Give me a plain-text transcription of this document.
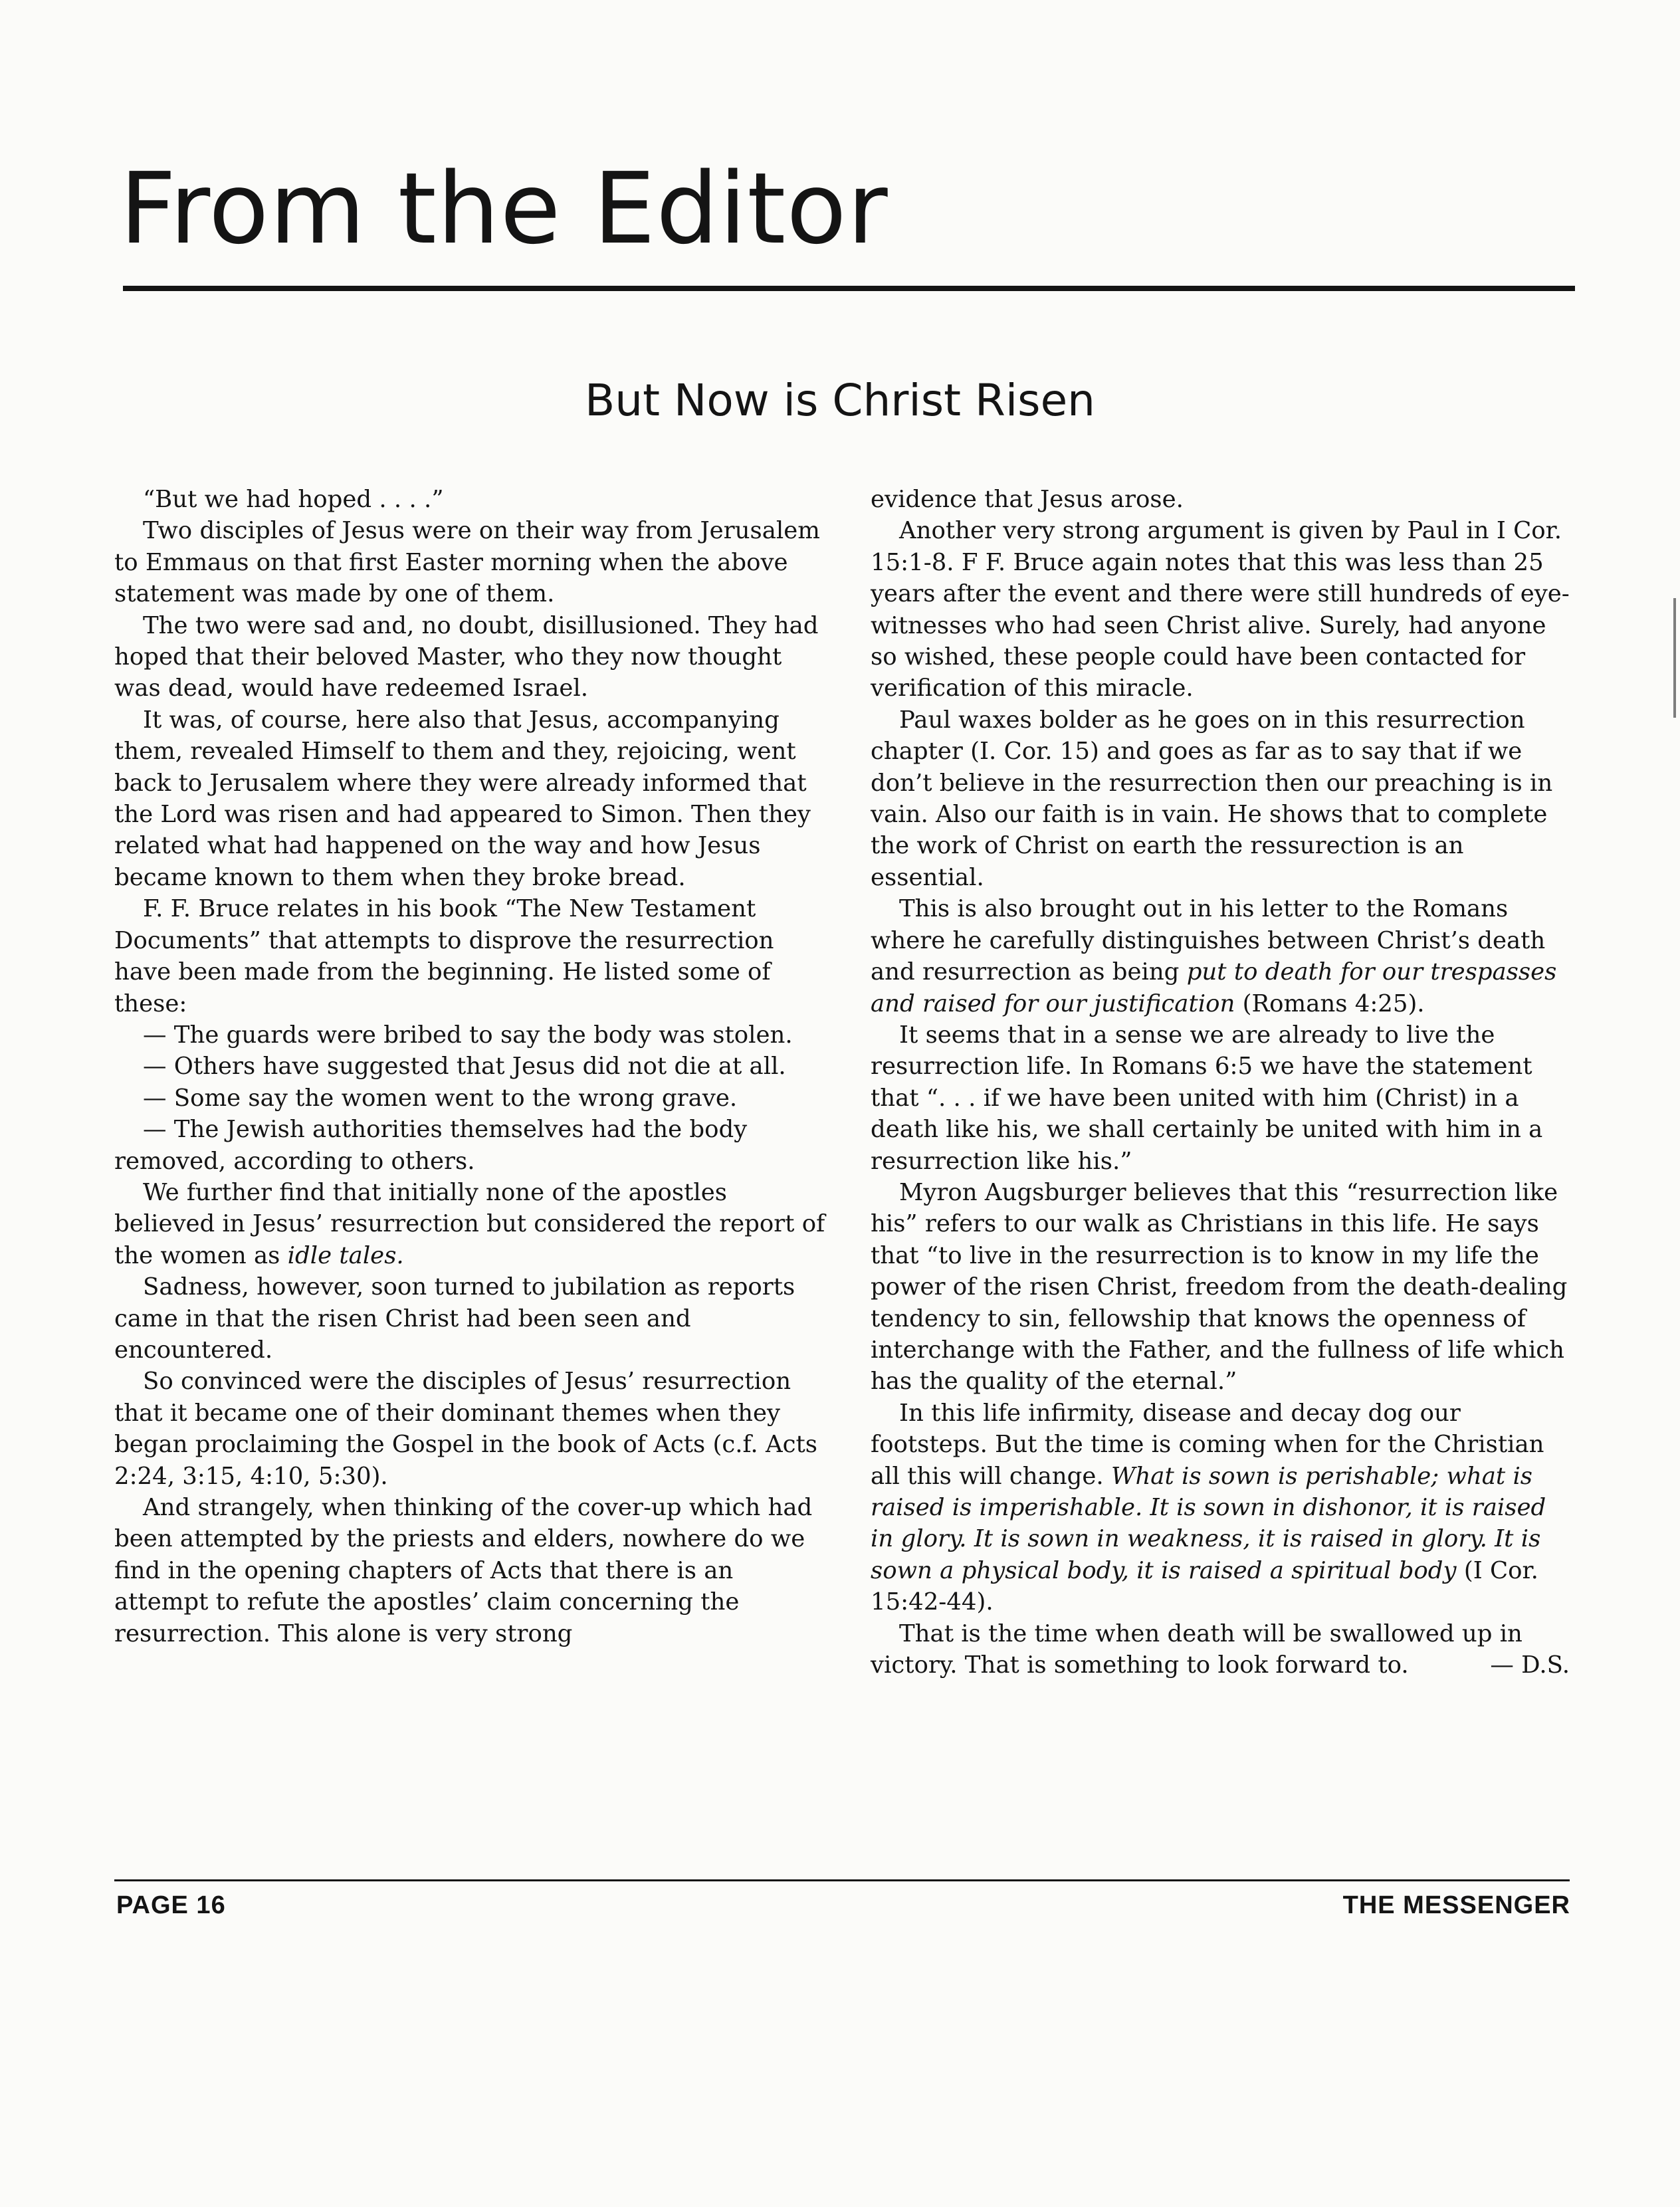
From the Editor
But Now is Christ Risen

“But we had hoped . . . .”

Two disciples of Jesus were on their way from Jerusalem to Emmaus on that first Easter morning when the above statement was made by one of them.

The two were sad and, no doubt, disillusioned. They had hoped that their beloved Master, who they now thought was dead, would have redeemed Israel.

It was, of course, here also that Jesus, accompanying them, revealed Himself to them and they, rejoicing, went back to Jerusalem where they were already informed that the Lord was risen and had appeared to Simon. Then they related what had happened on the way and how Jesus became known to them when they broke bread.

F. F. Bruce relates in his book “The New Testament Documents” that attempts to disprove the resurrection have been made from the beginning. He listed some of these:

— The guards were bribed to say the body was stolen.

— Others have suggested that Jesus did not die at all.

— Some say the women went to the wrong grave.

— The Jewish authorities themselves had the body removed, according to others.

We further find that initially none of the apostles believed in Jesus’ resurrection but considered the report of the women as idle tales.

Sadness, however, soon turned to jubilation as reports came in that the risen Christ had been seen and encountered.

So convinced were the disciples of Jesus’ resurrection that it became one of their dominant themes when they began proclaiming the Gospel in the book of Acts (c.f. Acts 2:24, 3:15, 4:10, 5:30).

And strangely, when thinking of the cover-up which had been attempted by the priests and elders, nowhere do we find in the opening chapters of Acts that there is an attempt to refute the apostles’ claim concerning the resurrection. This alone is very strong

evidence that Jesus arose.

Another very strong argument is given by Paul in I Cor. 15:1-8. F F. Bruce again notes that this was less than 25 years after the event and there were still hundreds of eye-witnesses who had seen Christ alive. Surely, had anyone so wished, these people could have been contacted for verification of this miracle.

Paul waxes bolder as he goes on in this resurrection chapter (I. Cor. 15) and goes as far as to say that if we don’t believe in the resurrection then our preaching is in vain. Also our faith is in vain. He shows that to complete the work of Christ on earth the ressurection is an essential.

This is also brought out in his letter to the Romans where he carefully distinguishes between Christ’s death and resurrection as being put to death for our trespasses and raised for our justification (Romans 4:25).

It seems that in a sense we are already to live the resurrection life. In Romans 6:5 we have the statement that “. . . if we have been united with him (Christ) in a death like his, we shall certainly be united with him in a resurrection like his.”

Myron Augsburger believes that this “resurrection like his” refers to our walk as Christians in this life. He says that “to live in the resurrection is to know in my life the power of the risen Christ, freedom from the death-dealing tendency to sin, fellowship that knows the openness of interchange with the Father, and the fullness of life which has the quality of the eternal.”

In this life infirmity, disease and decay dog our footsteps. But the time is coming when for the Christian all this will change. What is sown is perishable; what is raised is imperishable. It is sown in dishonor, it is raised in glory. It is sown in weakness, it is raised in glory. It is sown a physical body, it is raised a spiritual body (I Cor. 15:42-44).

That is the time when death will be swallowed up in victory. That is something to look forward to.	— D.S.

PAGE 16	THE MESSENGER
